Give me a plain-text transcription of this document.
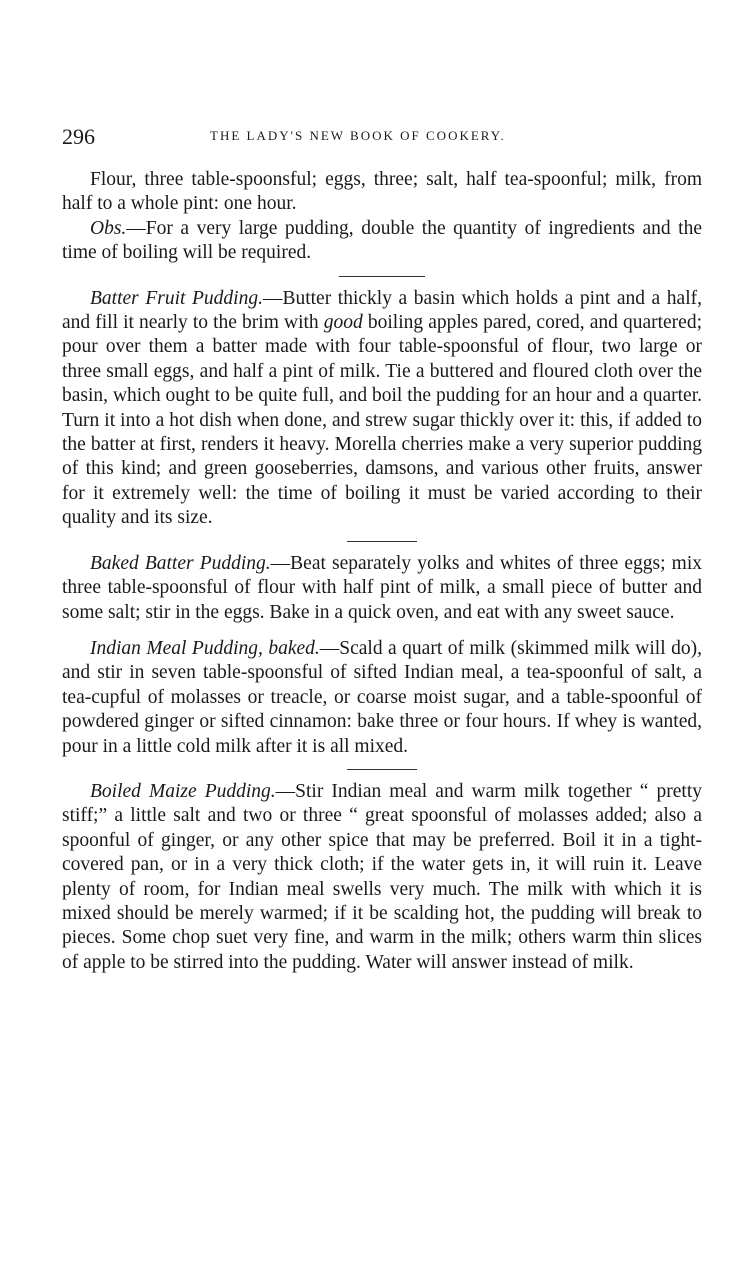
296	THE LADY'S NEW BOOK OF COOKERY.

Flour, three table-spoonsful; eggs, three; salt, half tea-spoonful; milk, from half to a whole pint: one hour.

Obs.—For a very large pudding, double the quantity of ingredients and the time of boiling will be required.

Batter Fruit Pudding.—Butter thickly a basin which holds a pint and a half, and fill it nearly to the brim with good boiling apples pared, cored, and quartered; pour over them a batter made with four table-spoonsful of flour, two large or three small eggs, and half a pint of milk. Tie a buttered and floured cloth over the basin, which ought to be quite full, and boil the pudding for an hour and a quarter. Turn it into a hot dish when done, and strew sugar thickly over it: this, if added to the batter at first, renders it heavy. Morella cherries make a very superior pudding of this kind; and green gooseberries, damsons, and various other fruits, answer for it extremely well: the time of boiling it must be varied according to their quality and its size.

Baked Batter Pudding.—Beat separately yolks and whites of three eggs; mix three table-spoonsful of flour with half pint of milk, a small piece of butter and some salt; stir in the eggs. Bake in a quick oven, and eat with any sweet sauce.

Indian Meal Pudding, baked.—Scald a quart of milk (skimmed milk will do), and stir in seven table-spoonsful of sifted Indian meal, a tea-spoonful of salt, a tea-cupful of molasses or treacle, or coarse moist sugar, and a table-spoonful of powdered ginger or sifted cinnamon: bake three or four hours. If whey is wanted, pour in a little cold milk after it is all mixed.

Boiled Maize Pudding.—Stir Indian meal and warm milk together “ pretty stiff;” a little salt and two or three “ great spoonsful of molasses added; also a spoonful of ginger, or any other spice that may be preferred. Boil it in a tight-covered pan, or in a very thick cloth; if the water gets in, it will ruin it. Leave plenty of room, for Indian meal swells very much. The milk with which it is mixed should be merely warmed; if it be scalding hot, the pudding will break to pieces. Some chop suet very fine, and warm in the milk; others warm thin slices of apple to be stirred into the pudding. Water will answer instead of milk.
